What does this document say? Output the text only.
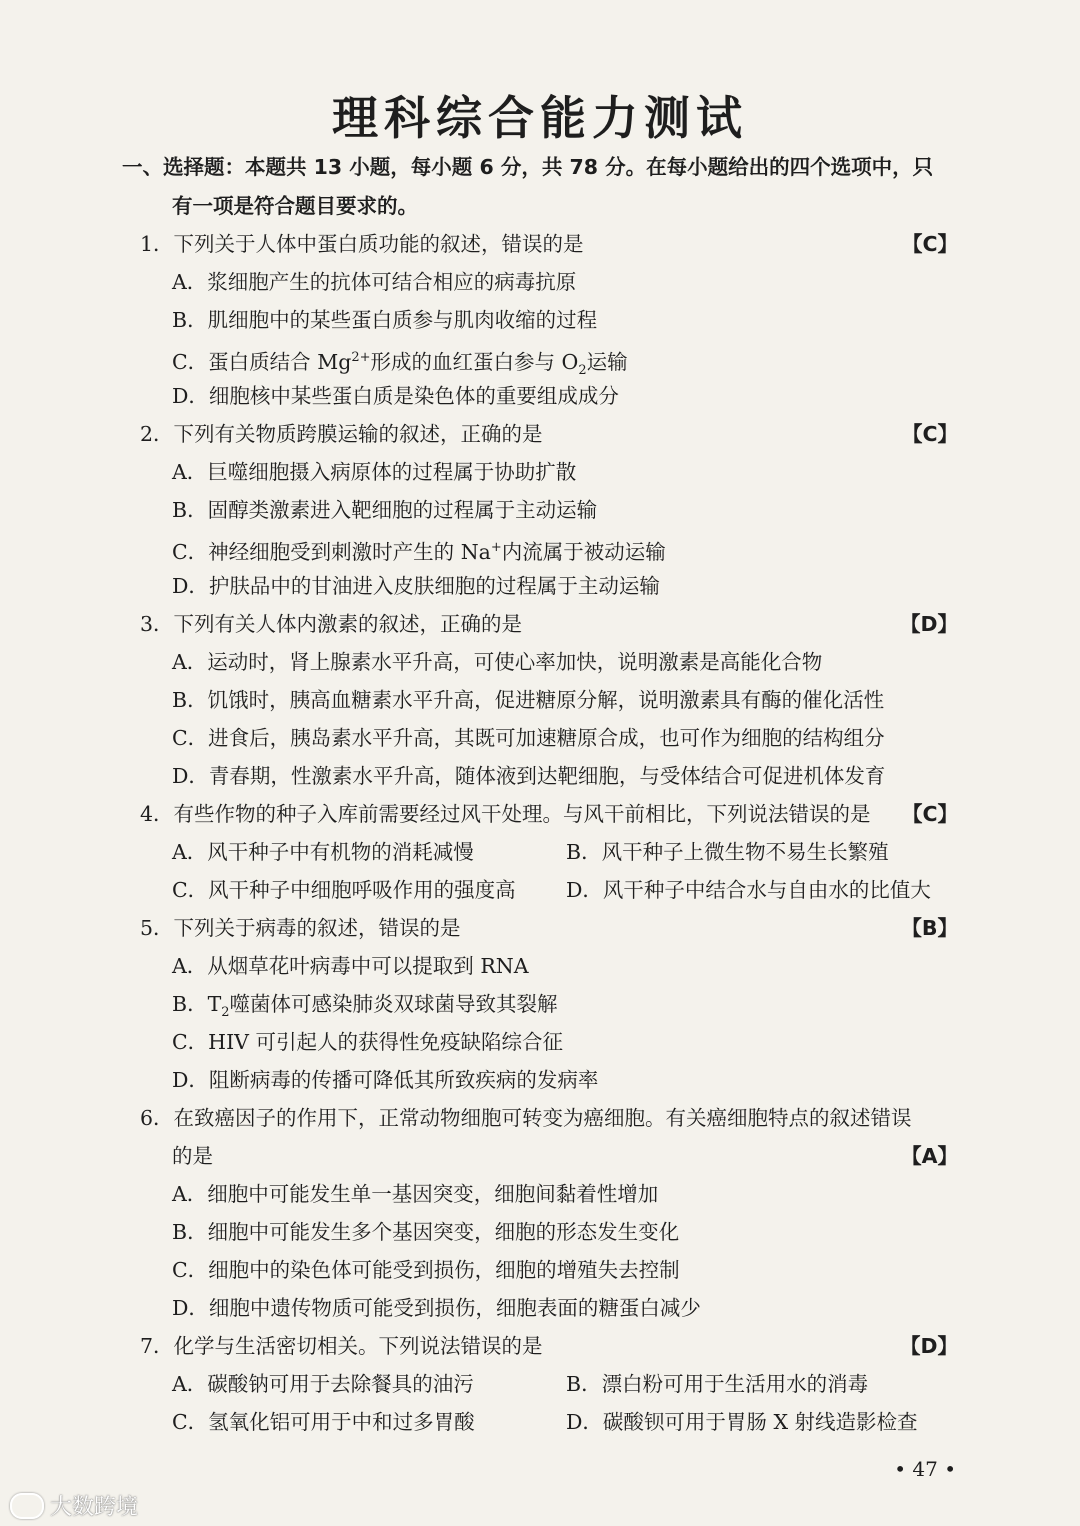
理科综合能力测试
一、选择题：本题共 13 小题，每小题 6 分，共 78 分。在每小题给出的四个选项中，只
有一项是符合题目要求的。
1．下列关于人体中蛋白质功能的叙述，错误的是	【C】
A．浆细胞产生的抗体可结合相应的病毒抗原
B．肌细胞中的某些蛋白质参与肌肉收缩的过程
C．蛋白质结合 $Mg^{2+}$形成的血红蛋白参与 $O_2$运输
D．细胞核中某些蛋白质是染色体的重要组成成分
2．下列有关物质跨膜运输的叙述，正确的是	【C】
A．巨噬细胞摄入病原体的过程属于协助扩散
B．固醇类激素进入靶细胞的过程属于主动运输
C．神经细胞受到刺激时产生的 Na+内流属于被动运输
D．护肤品中的甘油进入皮肤细胞的过程属于主动运输
3．下列有关人体内激素的叙述，正确的是	【D】
A．运动时，肾上腺素水平升高，可使心率加快，说明激素是高能化合物
B．饥饿时，胰高血糖素水平升高，促进糖原分解，说明激素具有酶的催化活性
C．进食后，胰岛素水平升高，其既可加速糖原合成，也可作为细胞的结构组分
D．青春期，性激素水平升高，随体液到达靶细胞，与受体结合可促进机体发育
4．有些作物的种子入库前需要经过风干处理。与风干前相比，下列说法错误的是 【C】
A．风干种子中有机物的消耗减慢	B．风干种子上微生物不易生长繁殖
C．风干种子中细胞呼吸作用的强度高 D．风干种子中结合水与自由水的比值大
5．下列关于病毒的叙述，错误的是	【B】
A．从烟草花叶病毒中可以提取到 RNA
B．$T_2$噬菌体可感染肺炎双球菌导致其裂解
C．HIV 可引起人的获得性免疫缺陷综合征
D．阻断病毒的传播可降低其所致疾病的发病率
6．在致癌因子的作用下，正常动物细胞可转变为癌细胞。有关癌细胞特点的叙述错误
的是	【A】
A．细胞中可能发生单一基因突变，细胞间黏着性增加
B．细胞中可能发生多个基因突变，细胞的形态发生变化
C．细胞中的染色体可能受到损伤，细胞的增殖失去控制
D．细胞中遗传物质可能受到损伤，细胞表面的糖蛋白减少
7．化学与生活密切相关。下列说法错误的是	【D】
A．碳酸钠可用于去除餐具的油污	B．漂白粉可用于生活用水的消毒
C．氢氧化铝可用于中和过多胃酸	D．碳酸钡可用于胃肠 X 射线造影检查
• 47 •
大数跨境
